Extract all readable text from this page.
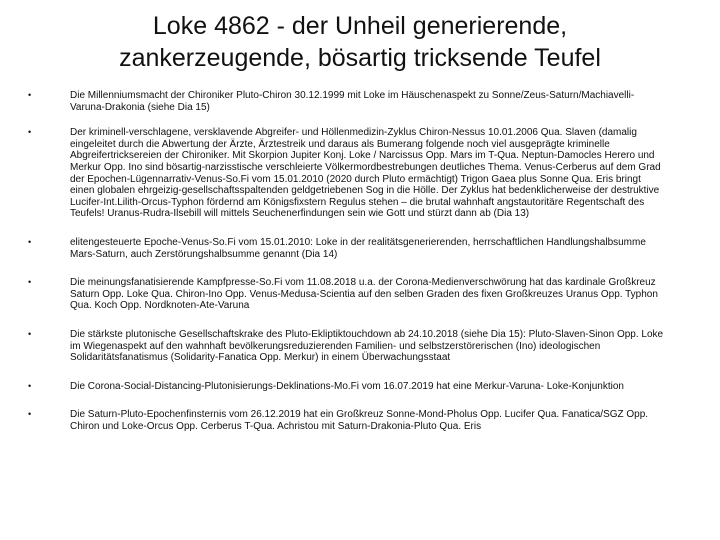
Loke 4862 - der Unheil generierende,
zankerzeugende, bösartig tricksende Teufel
•	Die Millenniumsmacht der Chironiker Pluto-Chiron 30.12.1999 mit Loke im Häuschenaspekt zu Sonne/Zeus-Saturn/Machiavelli-Varuna-Drakonia (siehe Dia 15)
•	Der kriminell-verschlagene, versklavende Abgreifer- und Höllenmedizin-Zyklus Chiron-Nessus 10.01.2006 Qua. Slaven (damalig eingeleitet durch die Abwertung der Ärzte, Ärztestreik und daraus als Bumerang folgende noch viel ausgeprägte kriminelle Abgreifertricksereien der Chironiker. Mit Skorpion Jupiter Konj. Loke / Narcissus Opp. Mars im T-Qua. Neptun-Damocles Herero und Merkur Opp. Ino sind bösartig-narzisstische verschleierte Völkermordbestrebungen deutliches Thema. Venus-Cerberus auf dem Grad der Epochen-Lügennarrativ-Venus-So.Fi vom 15.01.2010 (2020 durch Pluto ermächtigt) Trigon Gaea plus Sonne Qua. Eris bringt einen globalen ehrgeizig-gesellschaftsspaltenden geldgetriebenen Sog in die Hölle. Der Zyklus hat bedenklicherweise der destruktive Lucifer-Int.Lilith-Orcus-Typhon fördernd am Königsfixstern Regulus stehen – die brutal wahnhaft angstautoritäre Regentschaft des Teufels! Uranus-Rudra-Ilsebill will mittels Seuchenerfindungen sein wie Gott und stürzt dann ab (Dia 13)
•	elitengesteuerte Epoche-Venus-So.Fi vom 15.01.2010: Loke in der realitätsgenerierenden, herrschaftlichen Handlungshalbsumme Mars-Saturn, auch Zerstörungshalbsumme genannt (Dia 14)
•	Die meinungsfanatisierende Kampfpresse-So.Fi vom 11.08.2018 u.a. der Corona-Medienverschwörung hat das kardinale Großkreuz Saturn Opp. Loke Qua. Chiron-Ino Opp. Venus-Medusa-Scientia auf den selben Graden des fixen Großkreuzes Uranus Opp. Typhon Qua. Koch Opp. Nordknoten-Ate-Varuna
•	Die stärkste plutonische Gesellschaftskrake des Pluto-Ekliptiktouchdown ab 24.10.2018 (siehe Dia 15): Pluto-Slaven-Sinon Opp. Loke im Wiegenaspekt auf den wahnhaft bevölkerungsreduzierenden Familien- und selbstzerstörerischen (Ino) ideologischen Solidaritätsfanatismus (Solidarity-Fanatica Opp. Merkur) in einem Überwachungsstaat
•	Die Corona-Social-Distancing-Plutonisierungs-Deklinations-Mo.Fi vom 16.07.2019 hat eine Merkur-Varuna- Loke-Konjunktion
•	Die Saturn-Pluto-Epochenfinsternis vom 26.12.2019 hat ein Großkreuz Sonne-Mond-Pholus Opp. Lucifer Qua. Fanatica/SGZ Opp. Chiron und Loke-Orcus Opp. Cerberus T-Qua. Achristou mit Saturn-Drakonia-Pluto Qua. Eris
